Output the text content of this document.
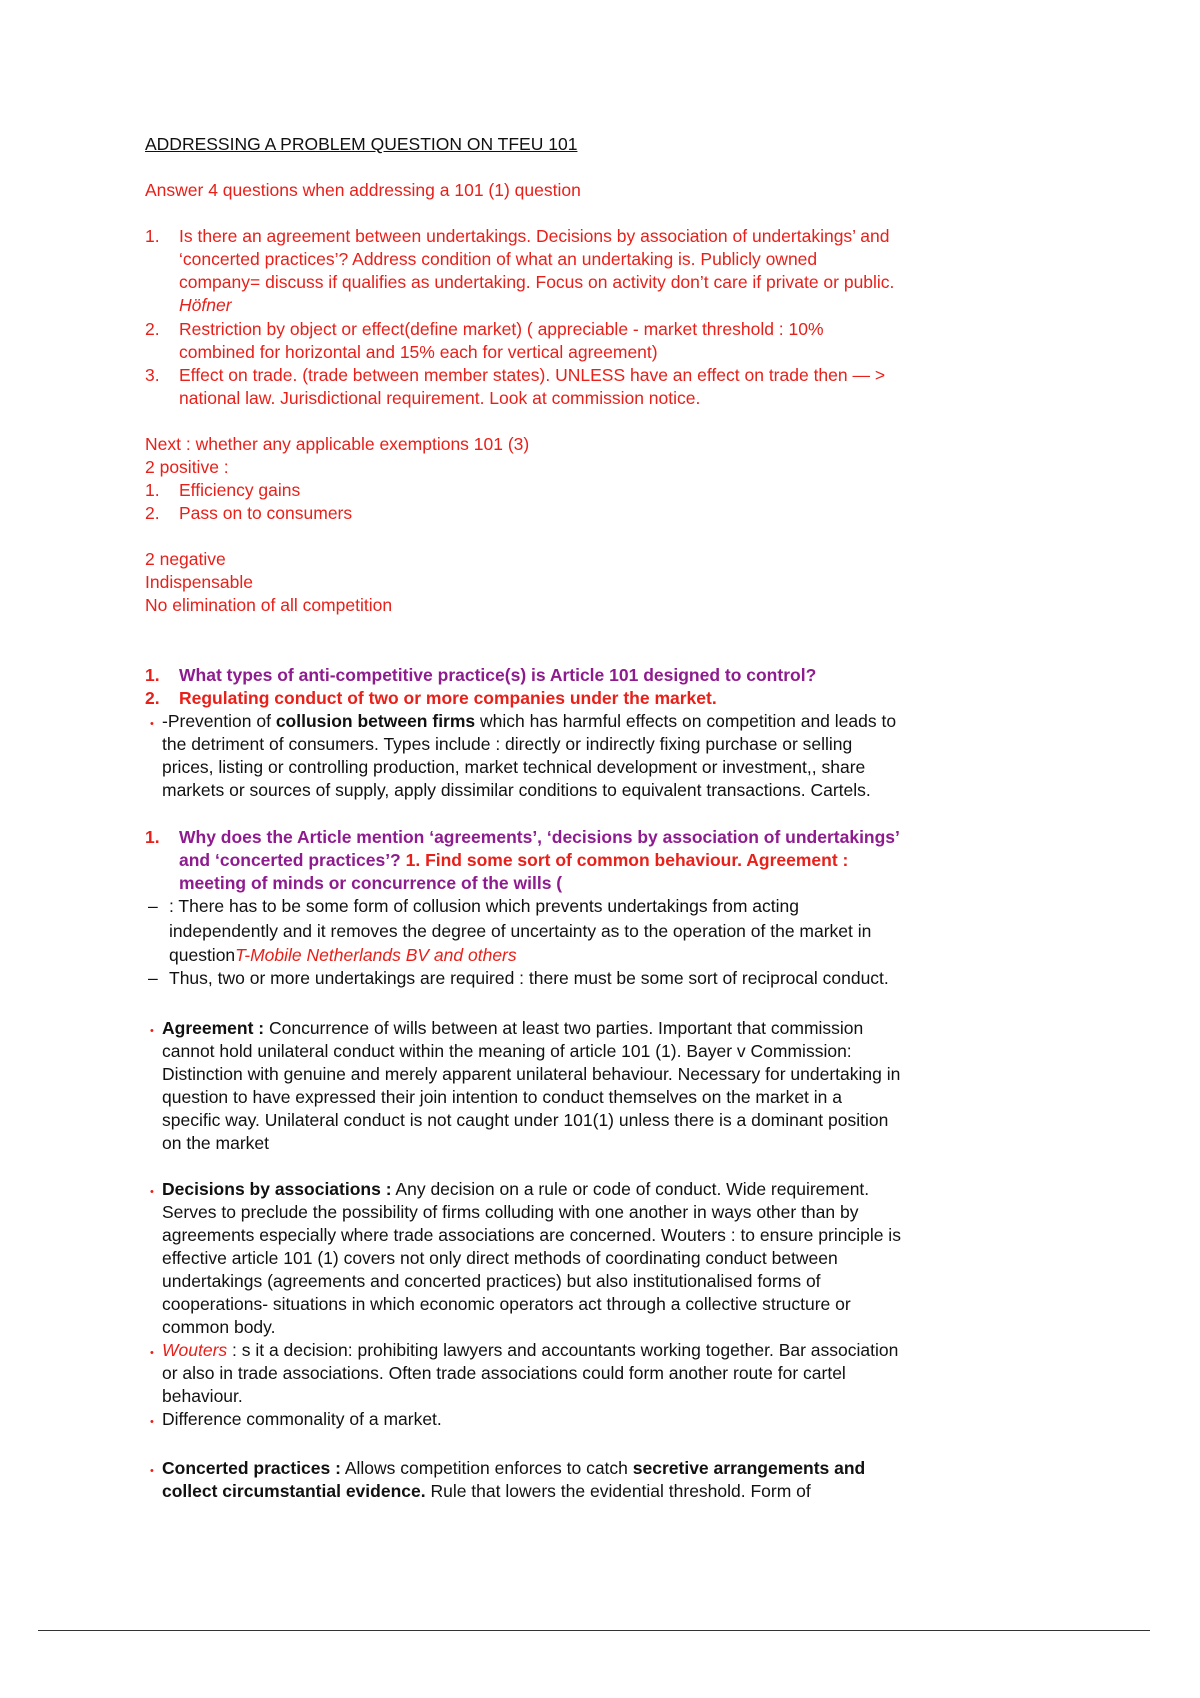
ADDRESSING A PROBLEM QUESTION ON TFEU 101
Answer 4 questions when addressing a 101 (1) question
1. Is there an agreement between undertakings. Decisions by association of undertakings’ and
‘concerted practices’? Address condition of what an undertaking is. Publicly owned
company= discuss if qualifies as undertaking. Focus on activity don’t care if private or public.
Höfner
2. Restriction by object or effect(define market) ( appreciable - market threshold : 10%
combined for horizontal and 15% each for vertical agreement)
3. Effect on trade. (trade between member states). UNLESS have an effect on trade then — >
national law. Jurisdictional requirement. Look at commission notice.
Next : whether any applicable exemptions 101 (3)
2 positive :
1. Efficiency gains
2. Pass on to consumers
2 negative
Indispensable
No elimination of all competition
1. What types of anti-competitive practice(s) is Article 101 designed to control?
2. Regulating conduct of two or more companies under the market.
• -Prevention of collusion between firms which has harmful effects on competition and leads to
the detriment of consumers. Types include : directly or indirectly fixing purchase or selling
prices, listing or controlling production, market technical development or investment,, share
markets or sources of supply, apply dissimilar conditions to equivalent transactions. Cartels.
1. Why does the Article mention ‘agreements’, ‘decisions by association of undertakings’
and ‘concerted practices’? 1. Find some sort of common behaviour. Agreement :
meeting of minds or concurrence of the wills (
– : There has to be some form of collusion which prevents undertakings from acting
independently and it removes the degree of uncertainty as to the operation of the market in
questionT-Mobile Netherlands BV and others
– Thus, two or more undertakings are required : there must be some sort of reciprocal conduct.
• Agreement : Concurrence of wills between at least two parties. Important that commission
cannot hold unilateral conduct within the meaning of article 101 (1). Bayer v Commission:
Distinction with genuine and merely apparent unilateral behaviour. Necessary for undertaking in
question to have expressed their join intention to conduct themselves on the market in a
specific way. Unilateral conduct is not caught under 101(1) unless there is a dominant position
on the market
• Decisions by associations : Any decision on a rule or code of conduct. Wide requirement.
Serves to preclude the possibility of firms colluding with one another in ways other than by
agreements especially where trade associations are concerned. Wouters : to ensure principle is
effective article 101 (1) covers not only direct methods of coordinating conduct between
undertakings (agreements and concerted practices) but also institutionalised forms of
cooperations- situations in which economic operators act through a collective structure or
common body.
• Wouters : s it a decision: prohibiting lawyers and accountants working together. Bar association
or also in trade associations. Often trade associations could form another route for cartel
behaviour.
• Difference commonality of a market.
• Concerted practices : Allows competition enforces to catch secretive arrangements and
collect circumstantial evidence. Rule that lowers the evidential threshold. Form of
